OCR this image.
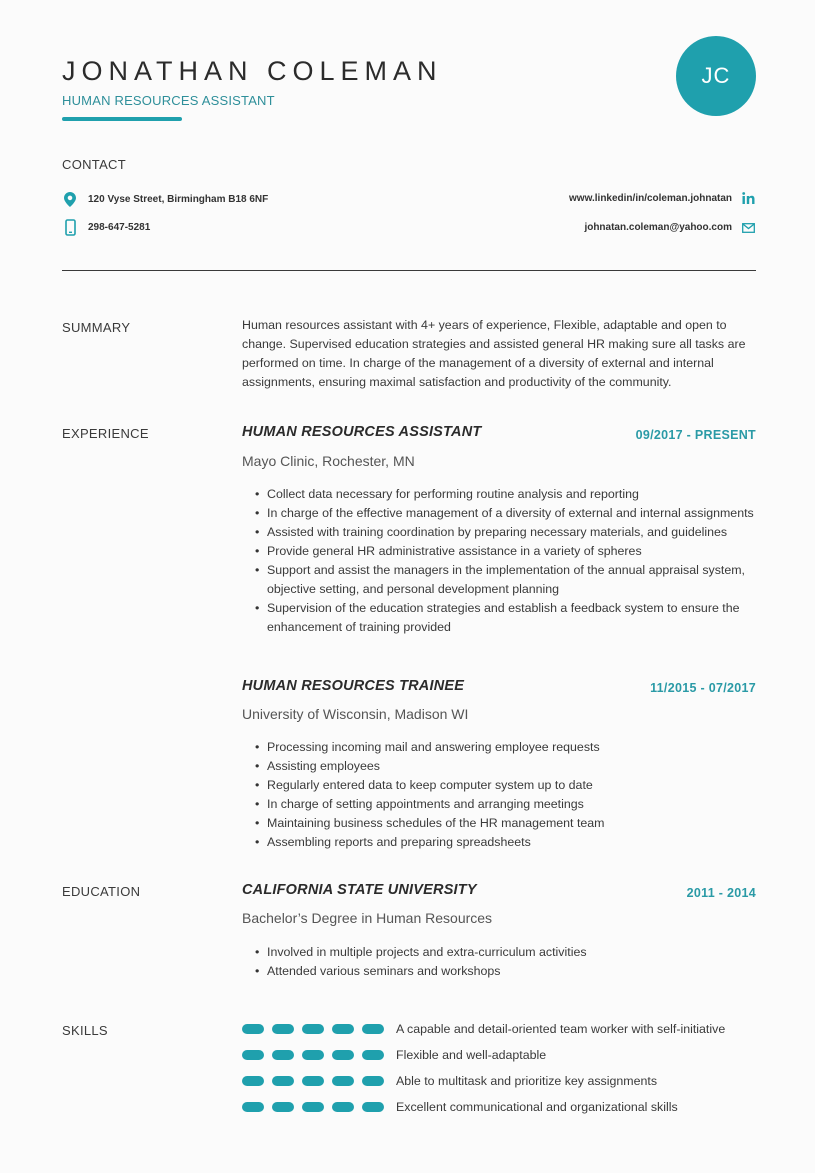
JONATHAN COLEMAN
HUMAN RESOURCES ASSISTANT
JC
CONTACT
120 Vyse Street, Birmingham B18 6NF
298-647-5281
www.linkedin/in/coleman.johnatan
johnatan.coleman@yahoo.com
SUMMARY	Human resources assistant with 4+ years of experience, Flexible, adaptable and open to change. Supervised education strategies and assisted general HR making sure all tasks are performed on time. In charge of the management of a diversity of external and internal assignments, ensuring maximal satisfaction and productivity of the community.
EXPERIENCE	HUMAN RESOURCES ASSISTANT	09/2017 - PRESENT
Mayo Clinic, Rochester, MN
• Collect data necessary for performing routine analysis and reporting
• In charge of the effective management of a diversity of external and internal assignments
• Assisted with training coordination by preparing necessary materials, and guidelines
• Provide general HR administrative assistance in a variety of spheres
• Support and assist the managers in the implementation of the annual appraisal system, objective setting, and personal development planning
• Supervision of the education strategies and establish a feedback system to ensure the enhancement of training provided
HUMAN RESOURCES TRAINEE	11/2015 - 07/2017
University of Wisconsin, Madison WI
• Processing incoming mail and answering employee requests
• Assisting employees
• Regularly entered data to keep computer system up to date
• In charge of setting appointments and arranging meetings
• Maintaining business schedules of the HR management team
• Assembling reports and preparing spreadsheets
EDUCATION	CALIFORNIA STATE UNIVERSITY	2011 - 2014
Bachelor’s Degree in Human Resources
• Involved in multiple projects and extra-curriculum activities
• Attended various seminars and workshops
SKILLS	A capable and detail-oriented team worker with self-initiative
Flexible and well-adaptable
Able to multitask and prioritize key assignments
Excellent communicational and organizational skills
